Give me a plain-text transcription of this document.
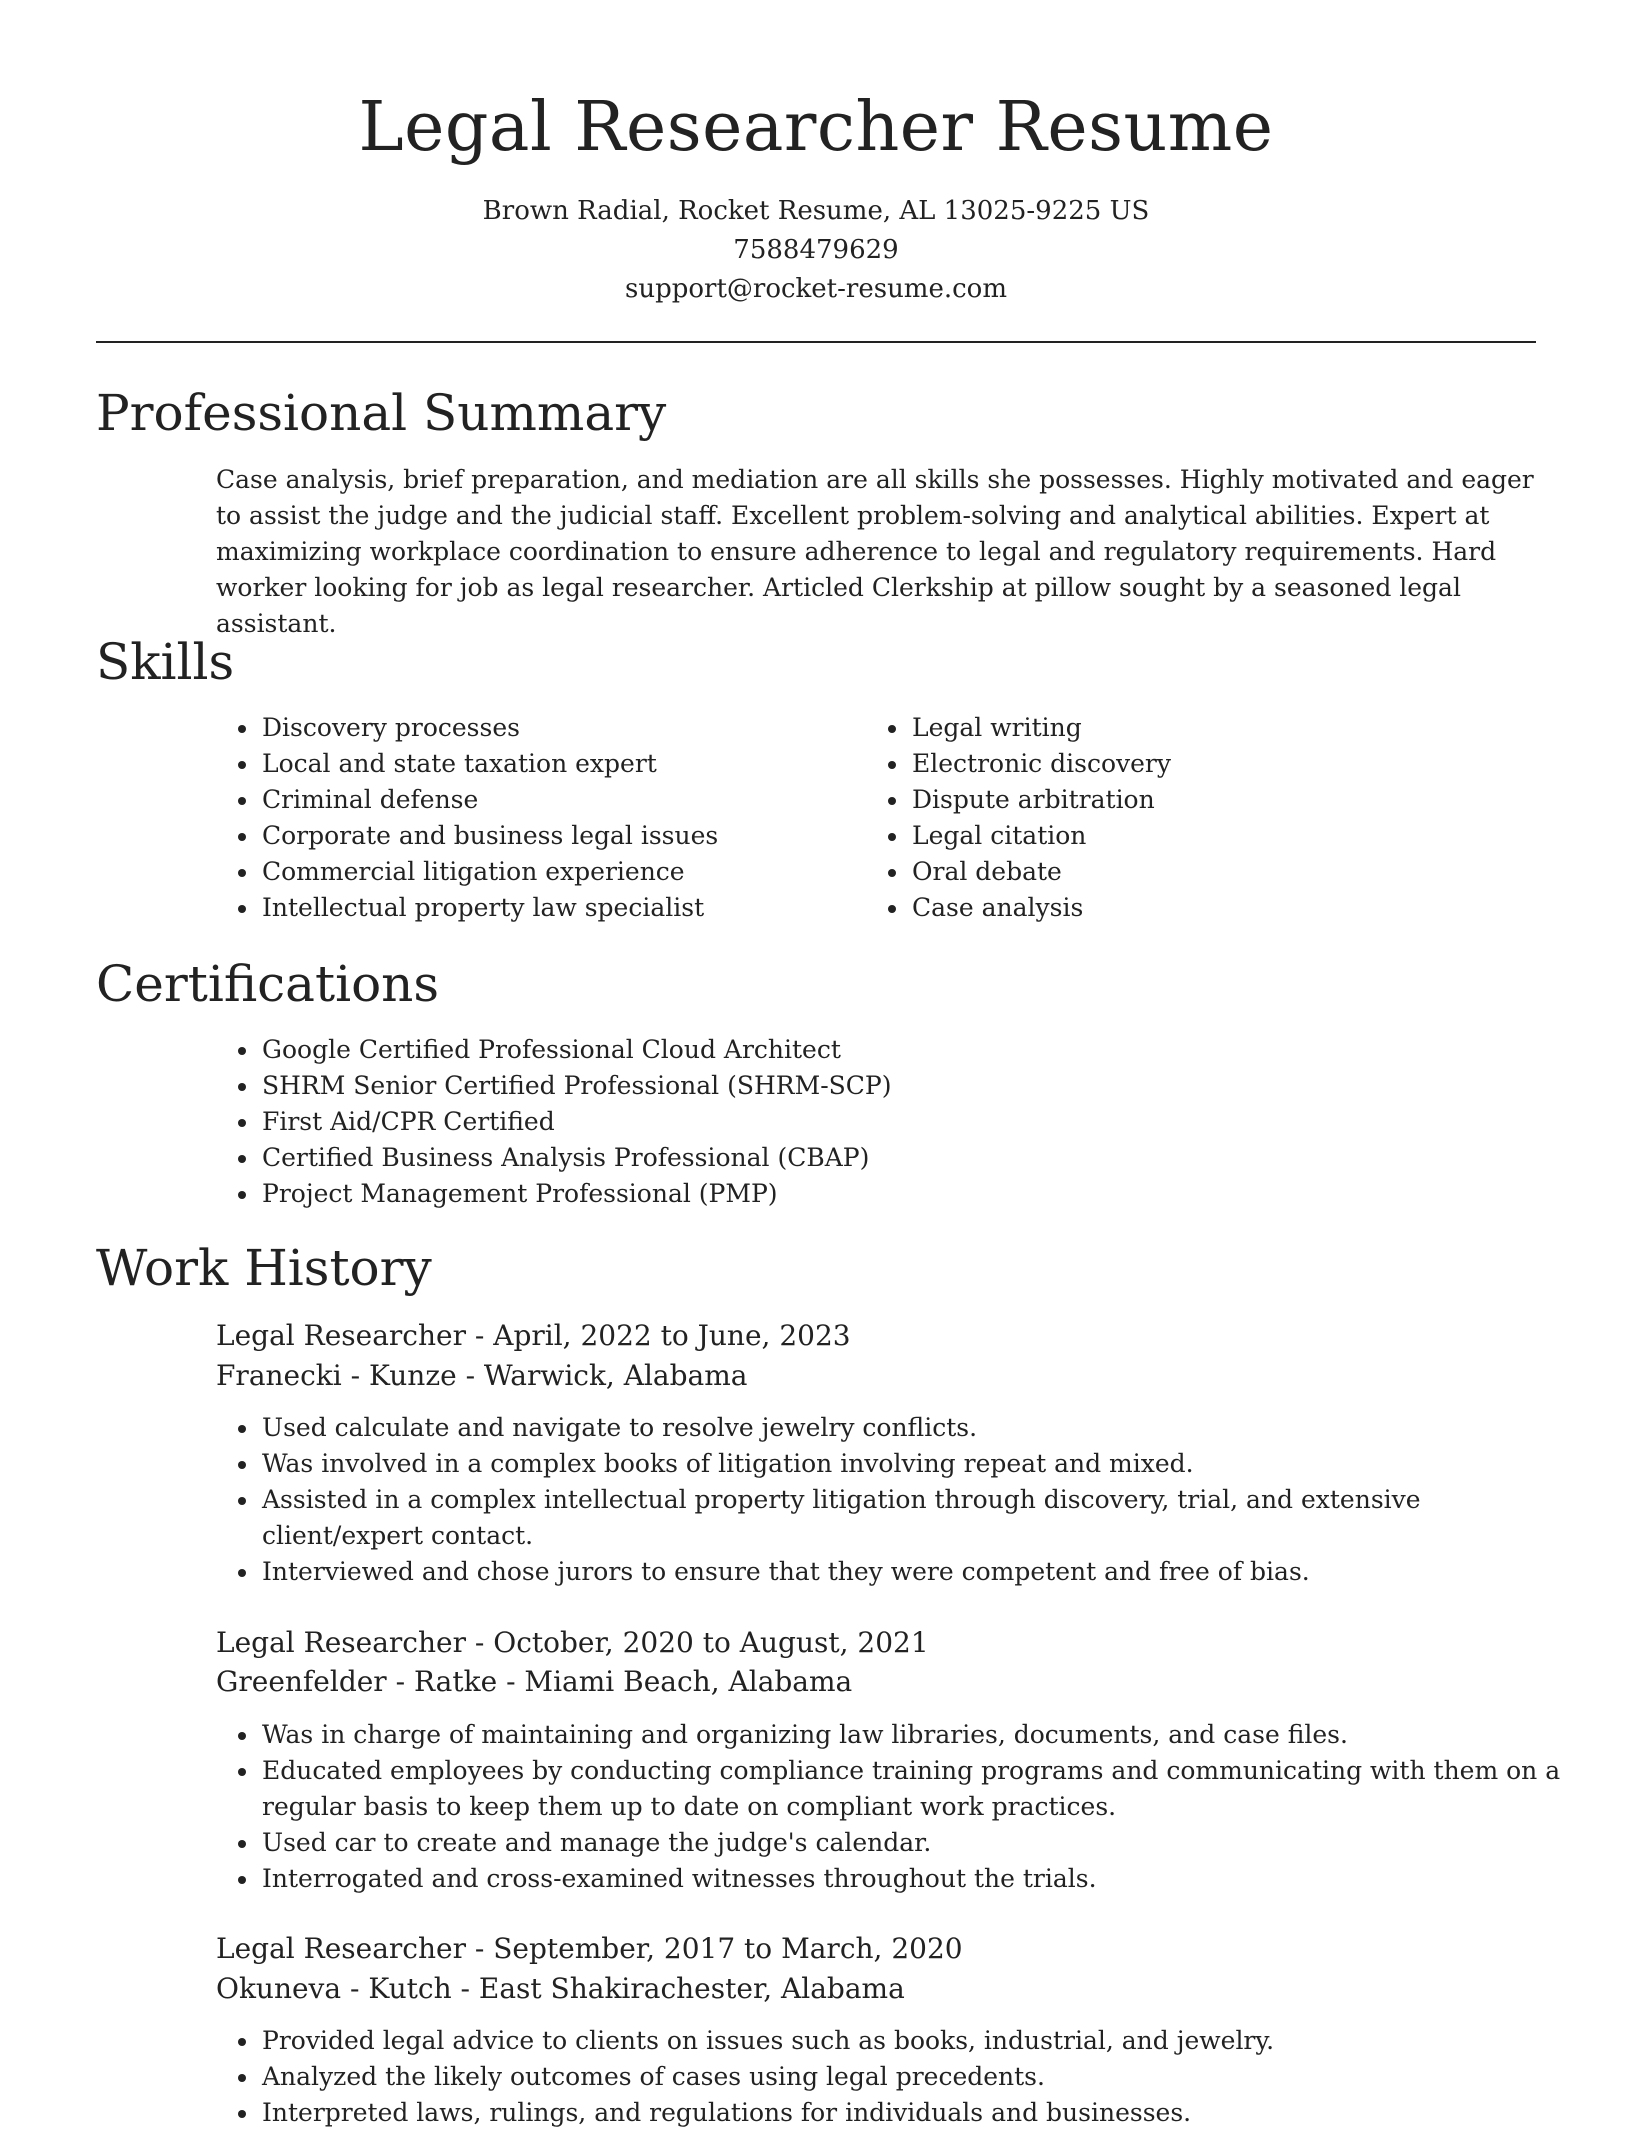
Legal Researcher Resume
Brown Radial, Rocket Resume, AL 13025-9225 US
7588479629
support@rocket-resume.com
Professional Summary

Case analysis, brief preparation, and mediation are all skills she possesses. Highly motivated and eager to assist the judge and the judicial staff. Excellent problem-solving and analytical abilities. Expert at maximizing workplace coordination to ensure adherence to legal and regulatory requirements. Hard worker looking for job as legal researcher. Articled Clerkship at pillow sought by a seasoned legal assistant.

Skills
• Discovery processes
• Local and state taxation expert
• Criminal defense
• Corporate and business legal issues
• Commercial litigation experience
• Intellectual property law specialist
• Legal writing
• Electronic discovery
• Dispute arbitration
• Legal citation
• Oral debate
• Case analysis
Certifications
• Google Certified Professional Cloud Architect
• SHRM Senior Certified Professional (SHRM-SCP)
• First Aid/CPR Certified
• Certified Business Analysis Professional (CBAP)
• Project Management Professional (PMP)
Work History
Legal Researcher - April, 2022 to June, 2023
Franecki - Kunze - Warwick, Alabama
• Used calculate and navigate to resolve jewelry conflicts.
• Was involved in a complex books of litigation involving repeat and mixed.
• Assisted in a complex intellectual property litigation through discovery, trial, and extensive client/expert contact.
• Interviewed and chose jurors to ensure that they were competent and free of bias.
Legal Researcher - October, 2020 to August, 2021
Greenfelder - Ratke - Miami Beach, Alabama
• Was in charge of maintaining and organizing law libraries, documents, and case files.
• Educated employees by conducting compliance training programs and communicating with them on a regular basis to keep them up to date on compliant work practices.
• Used car to create and manage the judge's calendar.
• Interrogated and cross-examined witnesses throughout the trials.
Legal Researcher - September, 2017 to March, 2020
Okuneva - Kutch - East Shakirachester, Alabama
• Provided legal advice to clients on issues such as books, industrial, and jewelry.
• Analyzed the likely outcomes of cases using legal precedents.
• Interpreted laws, rulings, and regulations for individuals and businesses.
